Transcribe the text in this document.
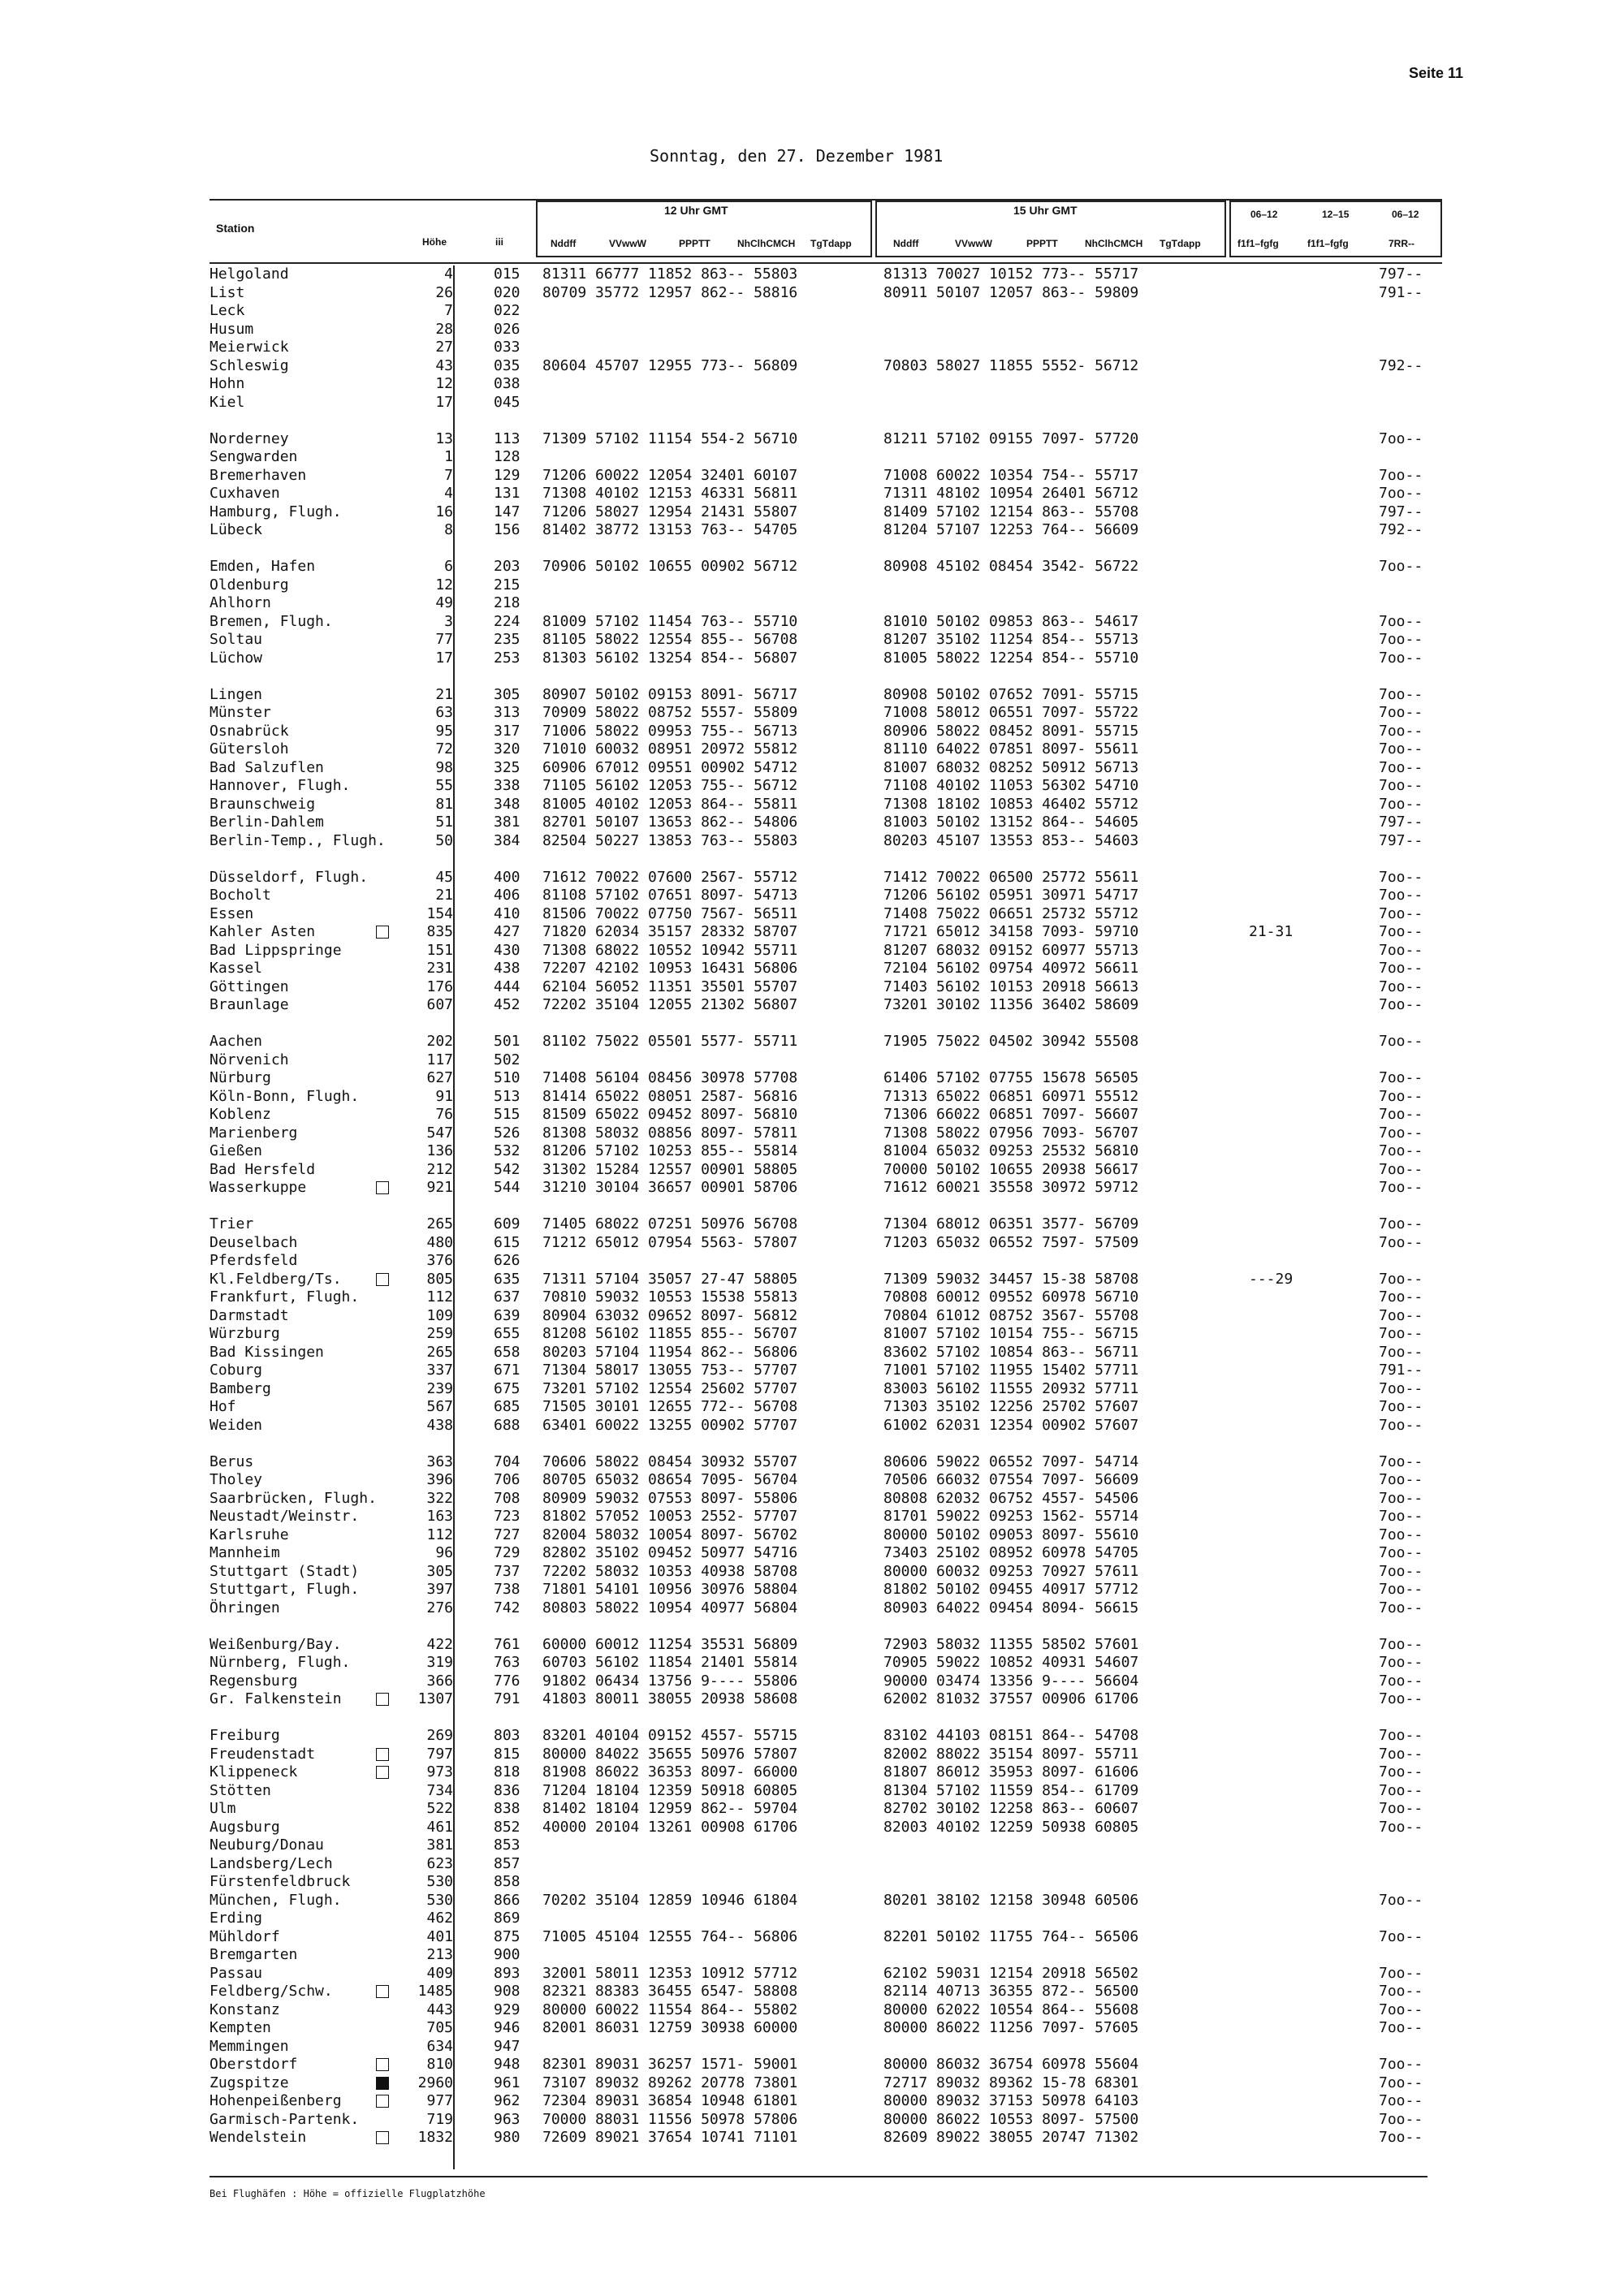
Seite 11
Sonntag, den 27. Dezember 1981
Station
Höhe	iii
12 Uhr GMT
Nddff	VVwwW	PPPTT	NhClhCMCH TgTdapp
15 Uhr GMT
Nddff	VVwwW	PPPTT	NhClhCMCH TgTdapp
06–12	12–15	06–12
f1f1–fgfg	f1f1–fgfg	7RR--
Helgoland	4	015 81311 66777 11852 863-- 55803	81313 70027 10152 773-- 55717	797--
List	26	020 80709 35772 12957 862-- 58816	80911 50107 12057 863-- 59809	791--
Leck	7	022
Husum	28	026
Meierwick	27	033
Schleswig	43	035 80604 45707 12955 773-- 56809	70803 58027 11855 5552- 56712	792--
Hohn	12	038
Kiel	17	045
Norderney	13	113 71309 57102 11154 554-2 56710	81211 57102 09155 7097- 57720	7oo--
Sengwarden	1	128
Bremerhaven	7	129 71206 60022 12054 32401 60107	71008 60022 10354 754-- 55717	7oo--
Cuxhaven	4	131 71308 40102 12153 46331 56811	71311 48102 10954 26401 56712	7oo--
Hamburg, Flugh.	16	147 71206 58027 12954 21431 55807	81409 57102 12154 863-- 55708	797--
Lübeck	8	156 81402 38772 13153 763-- 54705	81204 57107 12253 764-- 56609	792--
Emden, Hafen	6	203 70906 50102 10655 00902 56712	80908 45102 08454 3542- 56722	7oo--
Oldenburg	12	215
Ahlhorn	49	218
Bremen, Flugh.	3	224 81009 57102 11454 763-- 55710	81010 50102 09853 863-- 54617	7oo--
Soltau	77	235 81105 58022 12554 855-- 56708	81207 35102 11254 854-- 55713	7oo--
Lüchow	17	253 81303 56102 13254 854-- 56807	81005 58022 12254 854-- 55710	7oo--
Lingen	21	305 80907 50102 09153 8091- 56717	80908 50102 07652 7091- 55715	7oo--
Münster	63	313 70909 58022 08752 5557- 55809	71008 58012 06551 7097- 55722	7oo--
Osnabrück	95	317 71006 58022 09953 755-- 56713	80906 58022 08452 8091- 55715	7oo--
Gütersloh	72	320 71010 60032 08951 20972 55812	81110 64022 07851 8097- 55611	7oo--
Bad Salzuflen	98	325 60906 67012 09551 00902 54712	81007 68032 08252 50912 56713	7oo--
Hannover, Flugh.	55	338 71105 56102 12053 755-- 56712	71108 40102 11053 56302 54710	7oo--
Braunschweig	81	348 81005 40102 12053 864-- 55811	71308 18102 10853 46402 55712	7oo--
Berlin-Dahlem	51	381 82701 50107 13653 862-- 54806	81003 50102 13152 864-- 54605	797--
Berlin-Temp., Flugh.	50	384 82504 50227 13853 763-- 55803	80203 45107 13553 853-- 54603	797--
Düsseldorf, Flugh.	45	400 71612 70022 07600 2567- 55712	71412 70022 06500 25772 55611	7oo--
Bocholt	21	406 81108 57102 07651 8097- 54713	71206 56102 05951 30971 54717	7oo--
Essen	154	410 81506 70022 07750 7567- 56511	71408 75022 06651 25732 55712	7oo--
Kahler Asten	835	427 71820 62034 35157 28332 58707	71721 65012 34158 7093- 59710	21-31	7oo--
Bad Lippspringe	151	430 71308 68022 10552 10942 55711	81207 68032 09152 60977 55713	7oo--
Kassel	231	438 72207 42102 10953 16431 56806	72104 56102 09754 40972 56611	7oo--
Göttingen	176	444 62104 56052 11351 35501 55707	71403 56102 10153 20918 56613	7oo--
Braunlage	607	452 72202 35104 12055 21302 56807	73201 30102 11356 36402 58609	7oo--
Aachen	202	501 81102 75022 05501 5577- 55711	71905 75022 04502 30942 55508	7oo--
Nörvenich	117	502
Nürburg	627	510 71408 56104 08456 30978 57708	61406 57102 07755 15678 56505	7oo--
Köln-Bonn, Flugh.	91	513 81414 65022 08051 2587- 56816	71313 65022 06851 60971 55512	7oo--
Koblenz	76	515 81509 65022 09452 8097- 56810	71306 66022 06851 7097- 56607	7oo--
Marienberg	547	526 81308 58032 08856 8097- 57811	71308 58022 07956 7093- 56707	7oo--
Gießen	136	532 81206 57102 10253 855-- 55814	81004 65032 09253 25532 56810	7oo--
Bad Hersfeld	212	542 31302 15284 12557 00901 58805	70000 50102 10655 20938 56617	7oo--
Wasserkuppe	921	544 31210 30104 36657 00901 58706	71612 60021 35558 30972 59712	7oo--
Trier	265	609 71405 68022 07251 50976 56708	71304 68012 06351 3577- 56709	7oo--
Deuselbach	480	615 71212 65012 07954 5563- 57807	71203 65032 06552 7597- 57509	7oo--
Pferdsfeld	376	626
Kl.Feldberg/Ts.	805	635 71311 57104 35057 27-47 58805	71309 59032 34457 15-38 58708	---29	7oo--
Frankfurt, Flugh.	112	637 70810 59032 10553 15538 55813	70808 60012 09552 60978 56710	7oo--
Darmstadt	109	639 80904 63032 09652 8097- 56812	70804 61012 08752 3567- 55708	7oo--
Würzburg	259	655 81208 56102 11855 855-- 56707	81007 57102 10154 755-- 56715	7oo--
Bad Kissingen	265	658 80203 57104 11954 862-- 56806	83602 57102 10854 863-- 56711	7oo--
Coburg	337	671 71304 58017 13055 753-- 57707	71001 57102 11955 15402 57711	791--
Bamberg	239	675 73201 57102 12554 25602 57707	83003 56102 11555 20932 57711	7oo--
Hof	567	685 71505 30101 12655 772-- 56708	71303 35102 12256 25702 57607	7oo--
Weiden	438	688 63401 60022 13255 00902 57707	61002 62031 12354 00902 57607	7oo--
Berus	363	704 70606 58022 08454 30932 55707	80606 59022 06552 7097- 54714	7oo--
Tholey	396	706 80705 65032 08654 7095- 56704	70506 66032 07554 7097- 56609	7oo--
Saarbrücken, Flugh.	322	708 80909 59032 07553 8097- 55806	80808 62032 06752 4557- 54506	7oo--
Neustadt/Weinstr.	163	723 81802 57052 10053 2552- 57707	81701 59022 09253 1562- 55714	7oo--
Karlsruhe	112	727 82004 58032 10054 8097- 56702	80000 50102 09053 8097- 55610	7oo--
Mannheim	96	729 82802 35102 09452 50977 54716	73403 25102 08952 60978 54705	7oo--
Stuttgart (Stadt)	305	737 72202 58032 10353 40938 58708	80000 60032 09253 70927 57611	7oo--
Stuttgart, Flugh.	397	738 71801 54101 10956 30976 58804	81802 50102 09455 40917 57712	7oo--
Öhringen	276	742 80803 58022 10954 40977 56804	80903 64022 09454 8094- 56615	7oo--
Weißenburg/Bay.	422	761 60000 60012 11254 35531 56809	72903 58032 11355 58502 57601	7oo--
Nürnberg, Flugh.	319	763 60703 56102 11854 21401 55814	70905 59022 10852 40931 54607	7oo--
Regensburg	366	776 91802 06434 13756 9---- 55806	90000 03474 13356 9---- 56604	7oo--
Gr. Falkenstein	1307	791 41803 80011 38055 20938 58608	62002 81032 37557 00906 61706	7oo--
Freiburg	269	803 83201 40104 09152 4557- 55715	83102 44103 08151 864-- 54708	7oo--
Freudenstadt	797	815 80000 84022 35655 50976 57807	82002 88022 35154 8097- 55711	7oo--
Klippeneck	973	818 81908 86022 36353 8097- 66000	81807 86012 35953 8097- 61606	7oo--
Stötten	734	836 71204 18104 12359 50918 60805	81304 57102 11559 854-- 61709	7oo--
Ulm	522	838 81402 18104 12959 862-- 59704	82702 30102 12258 863-- 60607	7oo--
Augsburg	461	852 40000 20104 13261 00908 61706	82003 40102 12259 50938 60805	7oo--
Neuburg/Donau	381	853
Landsberg/Lech	623	857
Fürstenfeldbruck	530	858
München, Flugh.	530	866 70202 35104 12859 10946 61804	80201 38102 12158 30948 60506	7oo--
Erding	462	869
Mühldorf	401	875 71005 45104 12555 764-- 56806	82201 50102 11755 764-- 56506	7oo--
Bremgarten	213	900
Passau	409	893 32001 58011 12353 10912 57712	62102 59031 12154 20918 56502	7oo--
Feldberg/Schw.	1485	908 82321 88383 36455 6547- 58808	82114 40713 36355 872-- 56500	7oo--
Konstanz	443	929 80000 60022 11554 864-- 55802	80000 62022 10554 864-- 55608	7oo--
Kempten	705	946 82001 86031 12759 30938 60000	80000 86022 11256 7097- 57605	7oo--
Memmingen	634	947
Oberstdorf	810	948 82301 89031 36257 1571- 59001	80000 86032 36754 60978 55604	7oo--
Zugspitze	2960	961 73107 89032 89262 20778 73801	72717 89032 89362 15-78 68301	7oo--
Hohenpeißenberg	977	962 72304 89031 36854 10948 61801	80000 89032 37153 50978 64103	7oo--
Garmisch-Partenk.	719	963 70000 88031 11556 50978 57806	80000 86022 10553 8097- 57500	7oo--
Wendelstein	1832	980 72609 89021 37654 10741 71101	82609 89022 38055 20747 71302	7oo--
Bei Flughäfen : Höhe = offizielle Flugplatzhöhe
